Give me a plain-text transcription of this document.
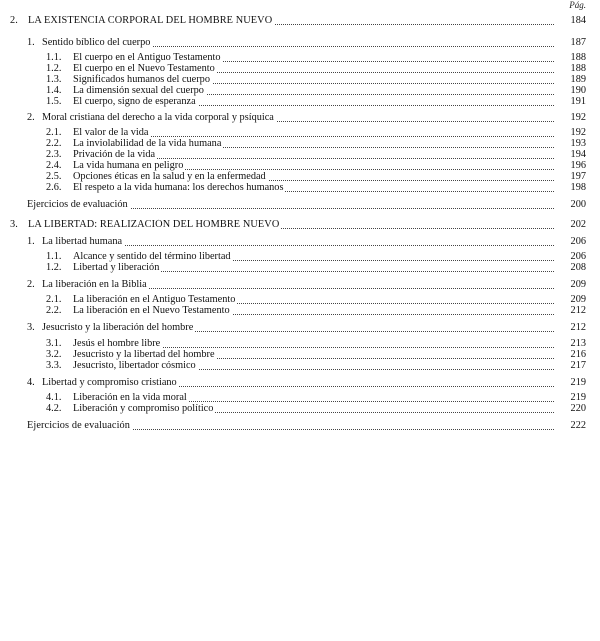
Pág.
2. LA EXISTENCIA CORPORAL DEL HOMBRE NUEVO	184
1. Sentido bíblico del cuerpo	187
1.1. El cuerpo en el Antiguo Testamento	188
1.2. El cuerpo en el Nuevo Testamento	188
1.3. Significados humanos del cuerpo	189
1.4. La dimensión sexual del cuerpo	190
1.5. El cuerpo, signo de esperanza	191
2. Moral cristiana del derecho a la vida corporal y psíquica	192
2.1. El valor de la vida	192
2.2. La inviolabilidad de la vida humana	193
2.3. Privación de la vida	194
2.4. La vida humana en peligro	196
2.5. Opciones éticas en la salud y en la enfermedad	197
2.6. El respeto a la vida humana: los derechos humanos	198
Ejercicios de evaluación	200
3. LA LIBERTAD: REALIZACIÓN DEL HOMBRE NUEVO	202
1. La libertad humana	206
1.1. Alcance y sentido del término libertad	206
1.2. Libertad y liberación	208
2. La liberación en la Biblia	209
2.1. La liberación en el Antiguo Testamento	209
2.2. La liberación en el Nuevo Testamento	212
3. Jesucristo y la liberación del hombre	212
3.1. Jesús el hombre libre	213
3.2. Jesucristo y la libertad del hombre	216
3.3. Jesucristo, libertador cósmico	217
4. Libertad y compromiso cristiano	219
4.1. Liberación en la vida moral	219
4.2. Liberación y compromiso político	220
Ejercicios de evaluación	222
